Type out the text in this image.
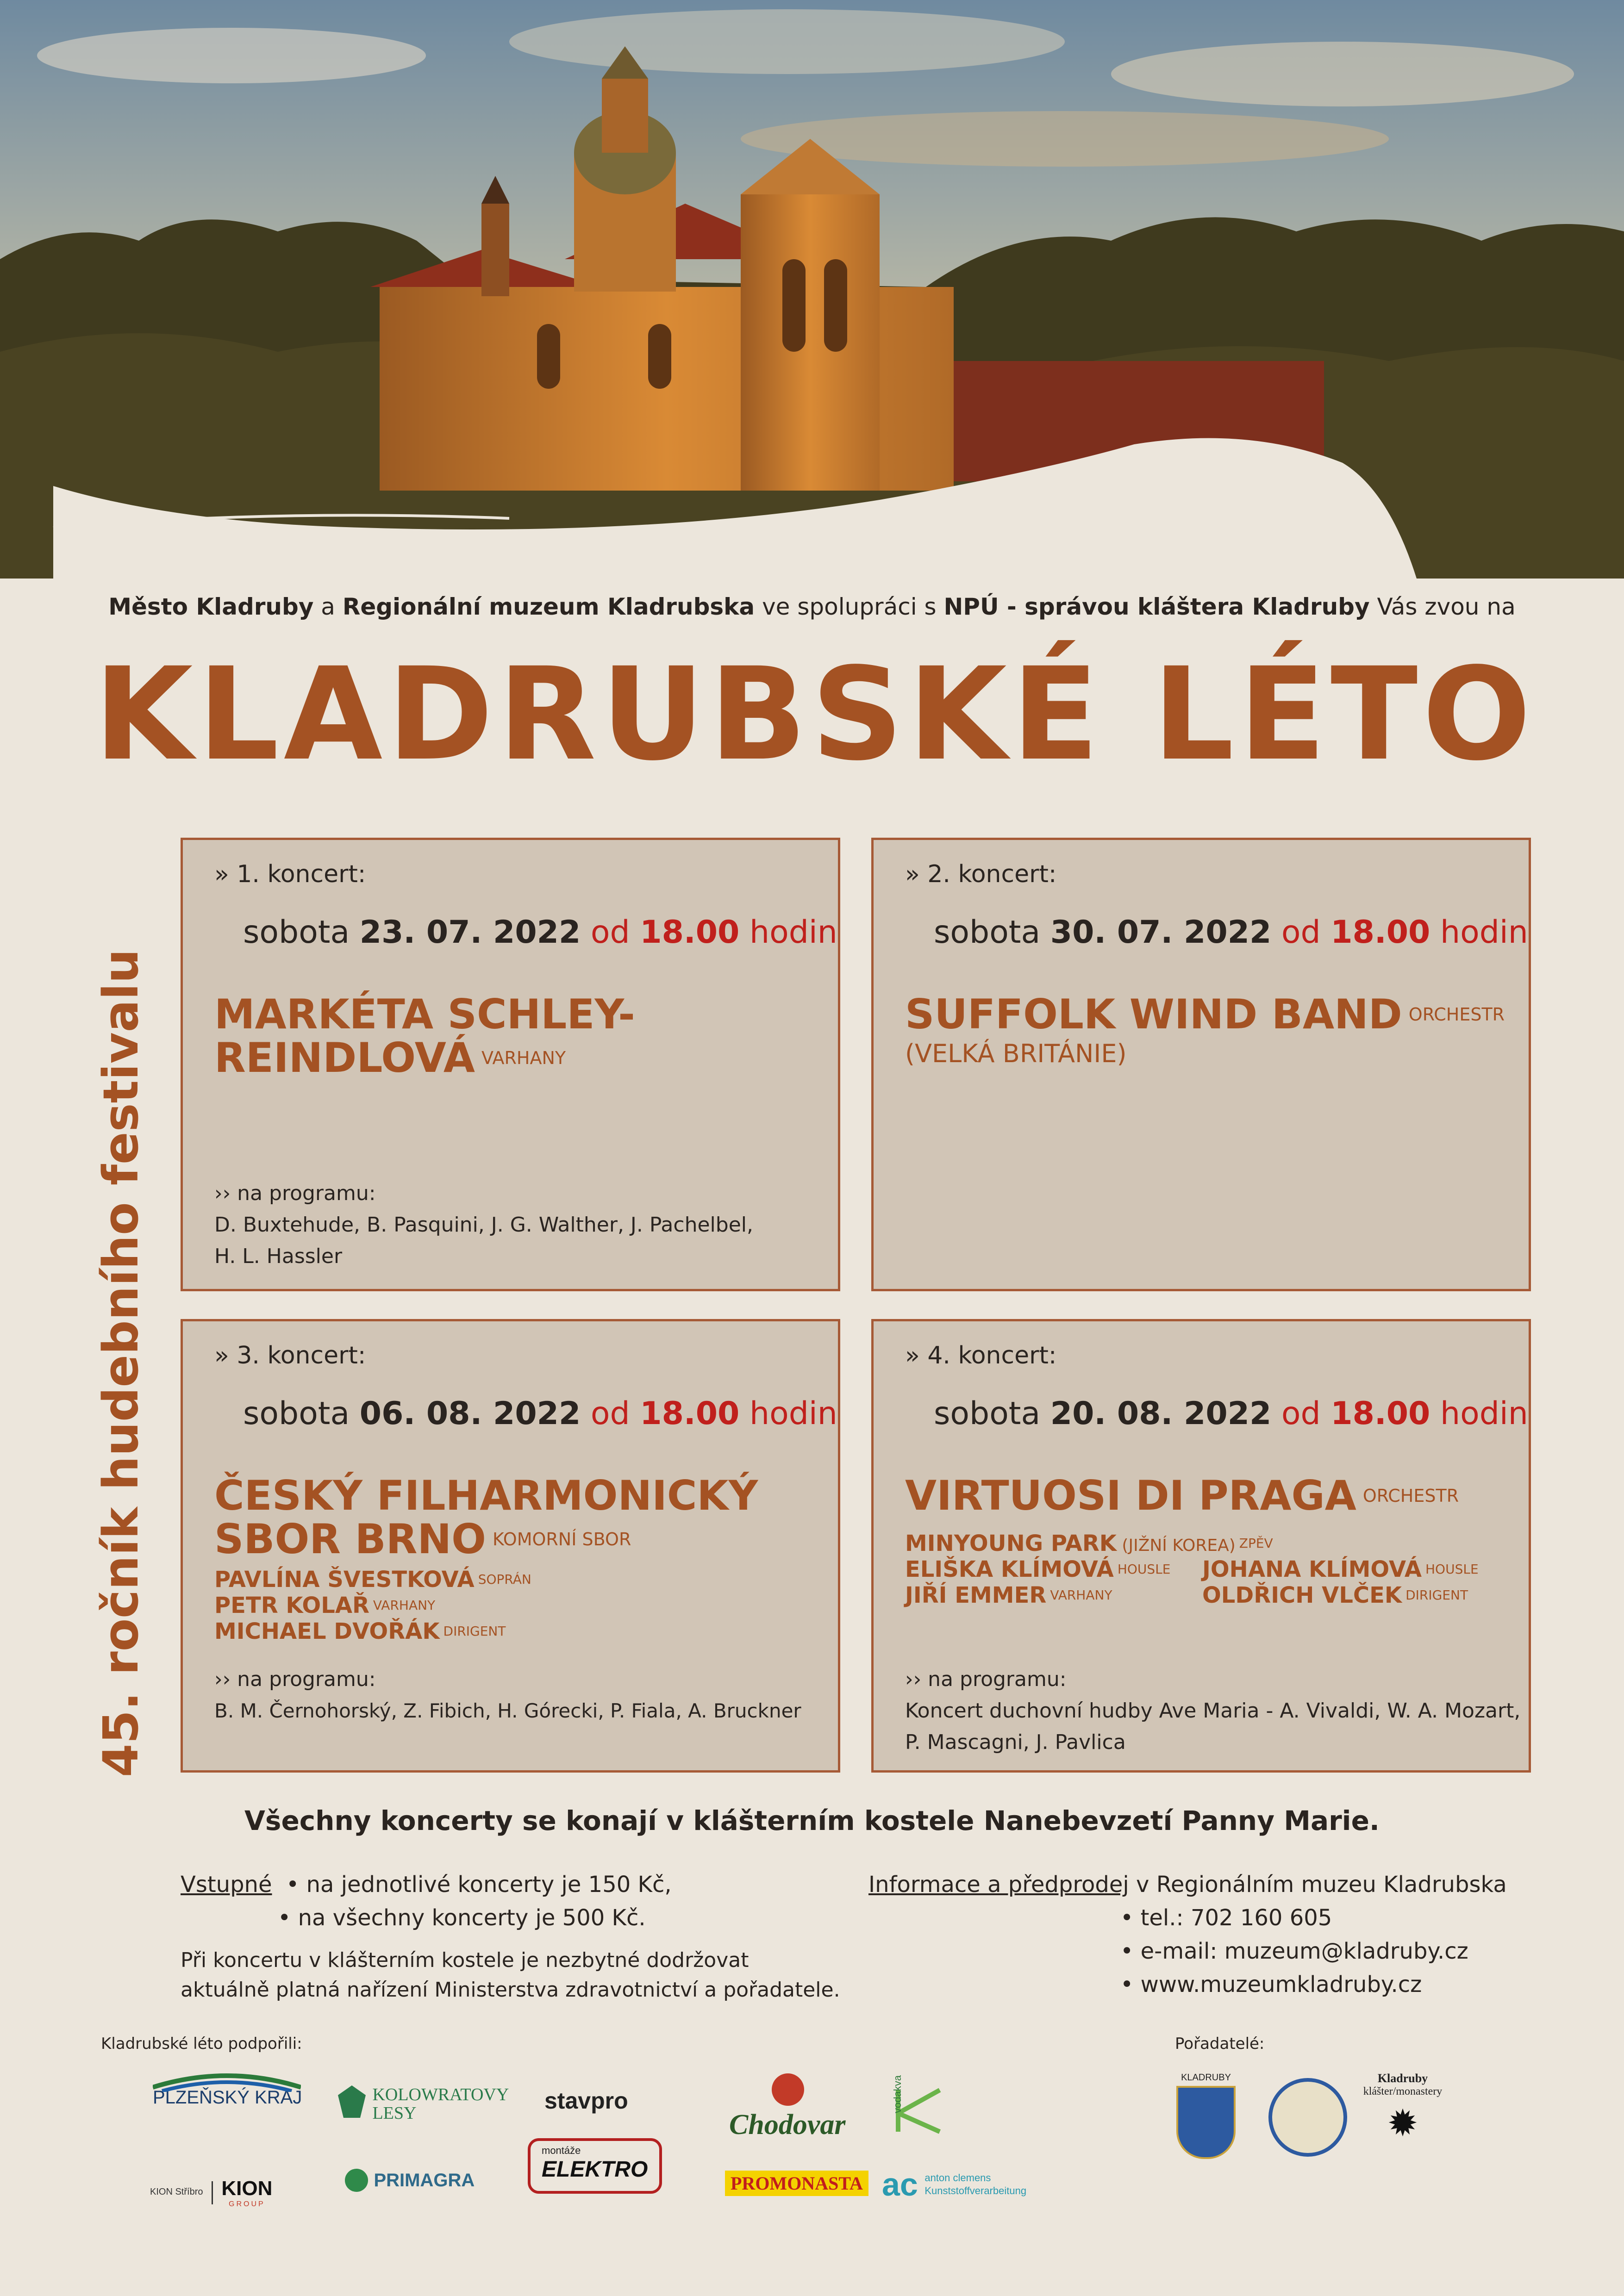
Město Kladruby a Regionální muzeum Kladrubska ve spolupráci s NPÚ - správou kláštera Kladruby Vás zvou na
KLADRUBSKÉ LÉTO
45. ročník hudebního festivalu
» 1. koncert:
sobota 23. 07. 2022 od 18.00 hodin
MARKÉTA SCHLEY-
REINDLOVÁ $^{VARHANY}$
›› na programu:
D. Buxtehude, B. Pasquini, J. G. Walther, J. Pachelbel,
H. L. Hassler
» 2. koncert:
sobota 30. 07. 2022 od 18.00 hodin
SUFFOLK WIND BAND $^{ORCHESTR}$
(VELKÁ BRITÁNIE)
» 3. koncert:
sobota 06. 08. 2022 od 18.00 hodin
ČESKÝ FILHARMONICKÝ
SBOR BRNO $^{KOMORNÍ SBOR}$
PAVLÍNA ŠVESTKOVÁ $^{SOPRÁN}$
PETR KOLAŘ $^{VARHANY}$
MICHAEL DVOŘÁK $^{DIRIGENT}$
›› na programu:
B. M. Černohorský, Z. Fibich, H. Górecki, P. Fiala, A. Bruckner
» 4. koncert:
sobota 20. 08. 2022 od 18.00 hodin
VIRTUOSI DI PRAGA $^{ORCHESTR}$
MINYOUNG PARK (JIŽNÍ KOREA) $^{ZPĚV}$
ELIŠKA KLÍMOVÁ $^{HOUSLE}$ JOHANA KLÍMOVÁ $^{HOUSLE}$
JIŘÍ EMMER $^{VARHANY}$	OLDŘICH VLČEK $^{DIRIGENT}$
›› na programu:
Koncert duchovní hudby Ave Maria - A. Vivaldi, W. A. Mozart,
P. Mascagni, J. Pavlica
Všechny koncerty se konají v klášterním kostele Nanebevzetí Panny Marie.
Vstupné  • na jednotlivé koncerty je 150 Kč,
• na všechny koncerty je 500 Kč.
Při koncertu v klášterním kostele je nezbytné dodržovat
aktuálně platná nařízení Ministerstva zdravotnictví a pořadatele.
Informace a předprodej v Regionálním muzeu Kladrubska
• tel.: 702 160 605
• e-mail: muzeum@kladruby.cz
• www.muzeumkladruby.cz
Kladrubské léto podpořili:	Pořadatelé:
PLZEŇSKÝ KRAJ	KOLOWRATOVY
LESY	stavpro
Chodovar
vodakva
KION Stříbro KION
GROUP
PRIMAGRA
montáže
ELEKTRO
PROMONASTA ac anton clemens
Kunststoffverarbeitung
KLADRUBY	Kladruby
klášter/monastery
✹
